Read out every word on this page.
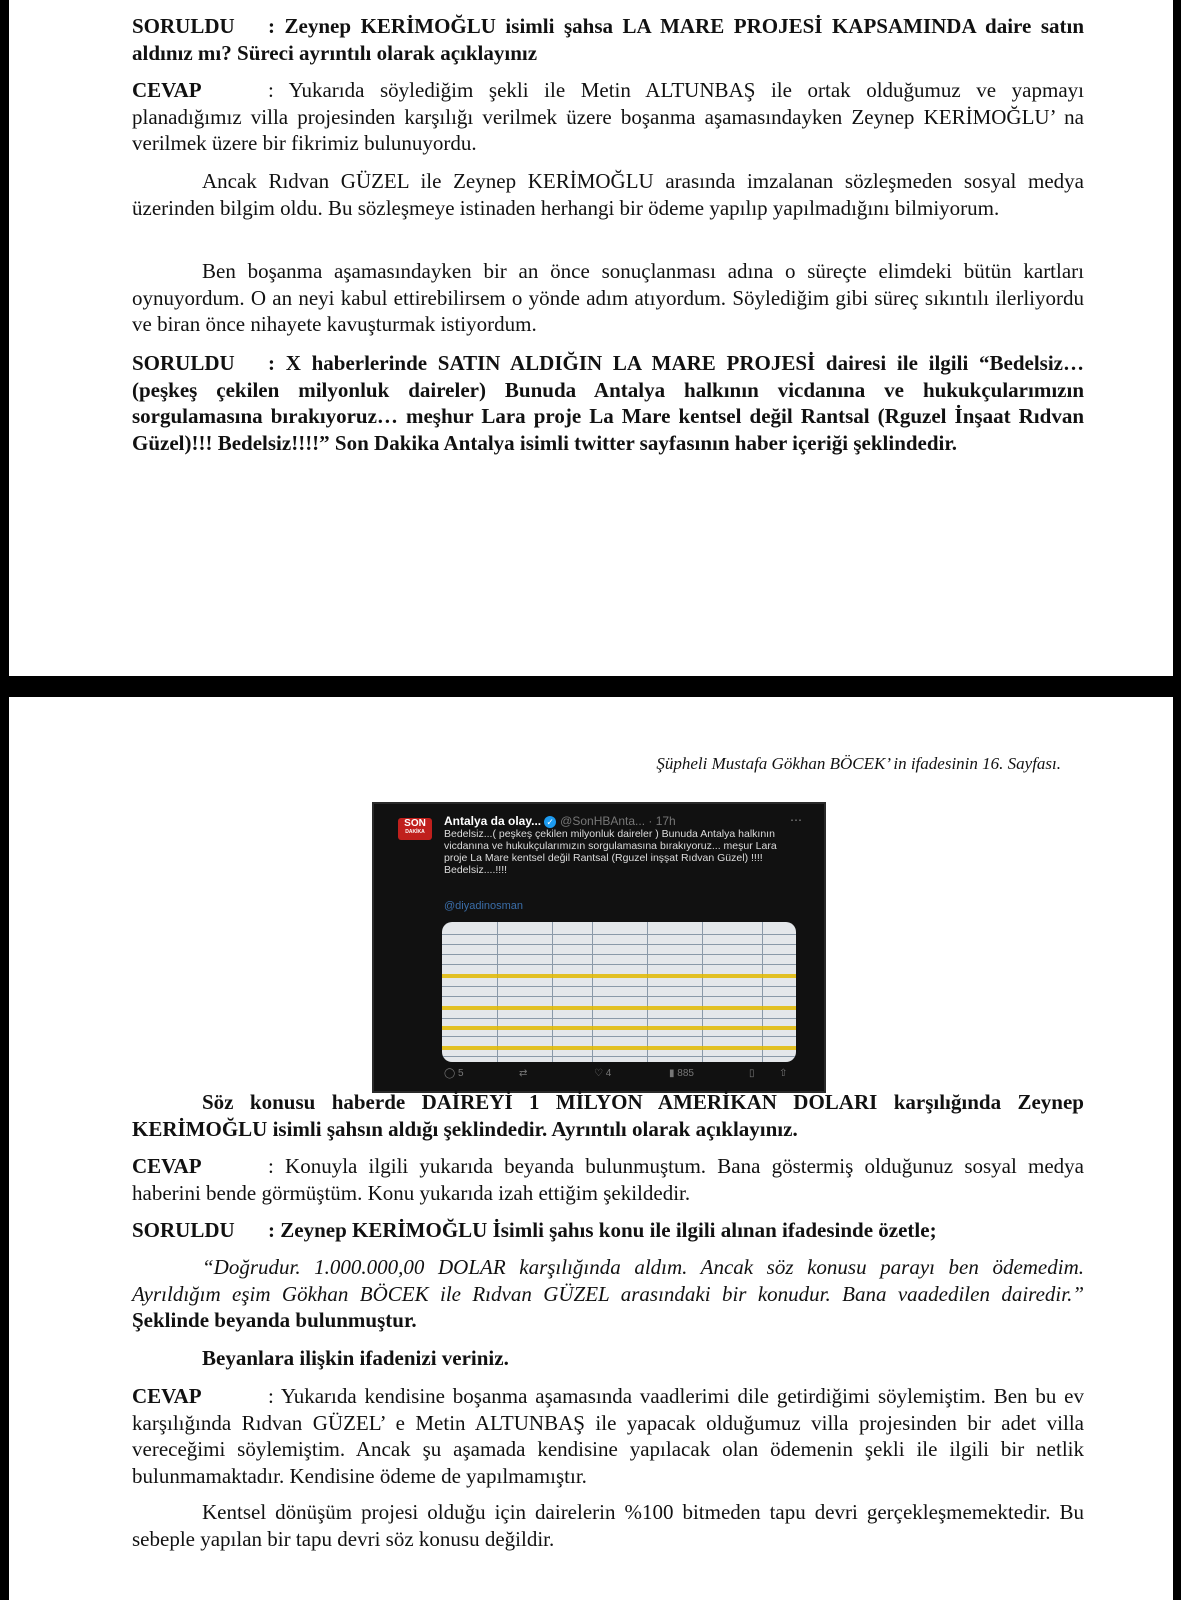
SORULDU : Zeynep KERİMOĞLU isimli şahsa LA MARE PROJESİ KAPSAMINDA daire satın aldınız mı? Süreci ayrıntılı olarak açıklayınız
CEVAP	: Yukarıda söylediğim şekli ile Metin ALTUNBAŞ ile ortak olduğumuz ve yapmayı planadığımız villa projesinden karşılığı verilmek üzere boşanma aşamasındayken Zeynep KERİMOĞLU’ na verilmek üzere bir fikrimiz bulunuyordu.
Ancak Rıdvan GÜZEL ile Zeynep KERİMOĞLU arasında imzalanan sözleşmeden sosyal medya üzerinden bilgim oldu. Bu sözleşmeye istinaden herhangi bir ödeme yapılıp yapılmadığını bilmiyorum.
Ben boşanma aşamasındayken bir an önce sonuçlanması adına o süreçte elimdeki bütün kartları oynuyordum. O an neyi kabul ettirebilirsem o yönde adım atıyordum. Söylediğim gibi süreç sıkıntılı ilerliyordu ve biran önce nihayete kavuşturmak istiyordum.
SORULDU : X haberlerinde SATIN ALDIĞIN LA MARE PROJESİ dairesi ile ilgili “Bedelsiz… (peşkeş çekilen milyonluk daireler) Bunuda Antalya halkının vicdanına ve hukukçularımızın sorgulamasına bırakıyoruz… meşhur Lara proje La Mare kentsel değil Rantsal (Rguzel İnşaat Rıdvan Güzel)!!! Bedelsiz!!!!” Son Dakika Antalya isimli twitter sayfasının haber içeriği şeklindedir.
Şüpheli Mustafa Gökhan BÖCEK’ in ifadesinin 16. Sayfası.
SON
DAKİKA
Antalya da olay... ✓ @SonHBAnta... · 17h	⋯
Bedelsiz...( peşkeş çekilen milyonluk daireler ) Bunuda Antalya halkının vicdanına ve hukukçularımızın sorgulamasına bırakıyoruz... meşur Lara proje La Mare kentsel değil Rantsal (Rguzel inşşat Rıdvan Güzel) !!!! Bedelsiz....!!!!
@diyadinosman
◯ 5	⇄	♡ 4	▮ 885	▯ ⇧
Söz konusu haberde DAİREYİ 1 MİLYON AMERİKAN DOLARI karşılığında Zeynep KERİMOĞLU isimli şahsın aldığı şeklindedir. Ayrıntılı olarak açıklayınız.
CEVAP	: Konuyla ilgili yukarıda beyanda bulunmuştum. Bana göstermiş olduğunuz sosyal medya haberini bende görmüştüm. Konu yukarıda izah ettiğim şekildedir.
SORULDU : Zeynep KERİMOĞLU İsimli şahıs konu ile ilgili alınan ifadesinde özetle;
“Doğrudur. 1.000.000,00 DOLAR karşılığında aldım. Ancak söz konusu parayı ben ödemedim. Ayrıldığım eşim Gökhan BÖCEK ile Rıdvan GÜZEL arasındaki bir konudur. Bana vaadedilen dairedir.” Şeklinde beyanda bulunmuştur.
Beyanlara ilişkin ifadenizi veriniz.
CEVAP	: Yukarıda kendisine boşanma aşamasında vaadlerimi dile getirdiğimi söylemiştim. Ben bu ev karşılığında Rıdvan GÜZEL’ e Metin ALTUNBAŞ ile yapacak olduğumuz villa projesinden bir adet villa vereceğimi söylemiştim. Ancak şu aşamada kendisine yapılacak olan ödemenin şekli ile ilgili bir netlik bulunmamaktadır. Kendisine ödeme de yapılmamıştır.
Kentsel dönüşüm projesi olduğu için dairelerin %100 bitmeden tapu devri gerçekleşmemektedir. Bu sebeple yapılan bir tapu devri söz konusu değildir.
